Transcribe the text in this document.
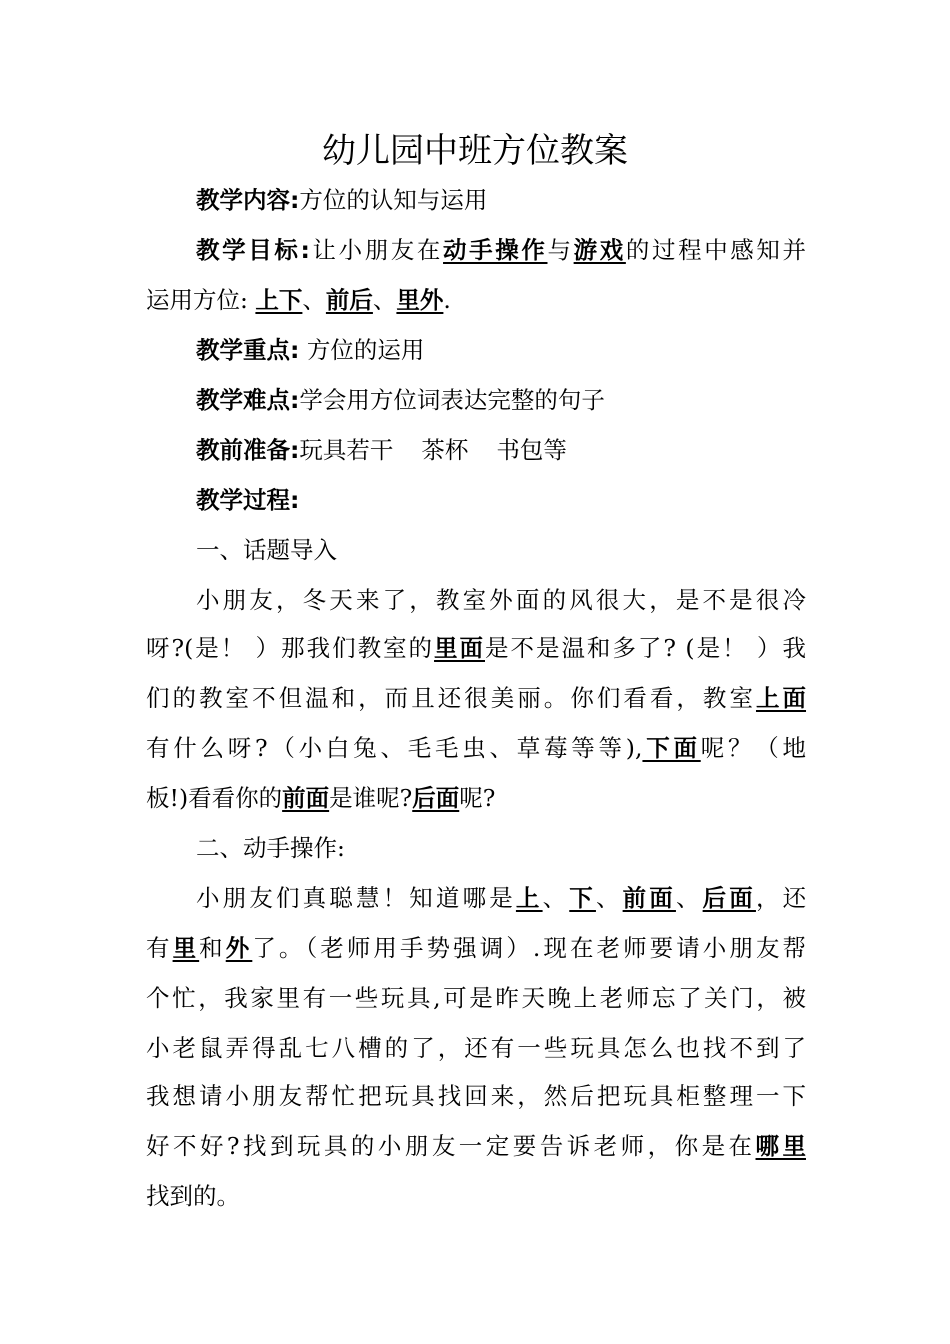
幼儿园中班方位教案
教学内容:方位的认知与运用
教学目标:让小朋友在动手操作与游戏的过程中感知并
运用方位: 上下、前后、里外.
教学重点: 方位的运用
教学难点:学会用方位词表达完整的句子
教前准备:玩具若干 茶杯 书包等
教学过程:
一、话题导入
小朋友，冬天来了，教室外面的风很大，是不是很冷
呀?(是！ ）那我们教室的里面是不是温和多了? (是！ ）我
们的教室不但温和，而且还很美丽。你们看看，教室上面
有什么呀?（小白兔、毛毛虫、草莓等等),下面呢？（地
板!)看看你的前面是谁呢?后面呢?
二、动手操作:
小朋友们真聪慧！知道哪是上、下、前面、后面，还
有里和外了。（老师用手势强调）.现在老师要请小朋友帮
个忙，我家里有一些玩具,可是昨天晚上老师忘了关门，被
小老鼠弄得乱七八槽的了，还有一些玩具怎么也找不到了
我想请小朋友帮忙把玩具找回来，然后把玩具柜整理一下
好不好?找到玩具的小朋友一定要告诉老师，你是在哪里
找到的。
